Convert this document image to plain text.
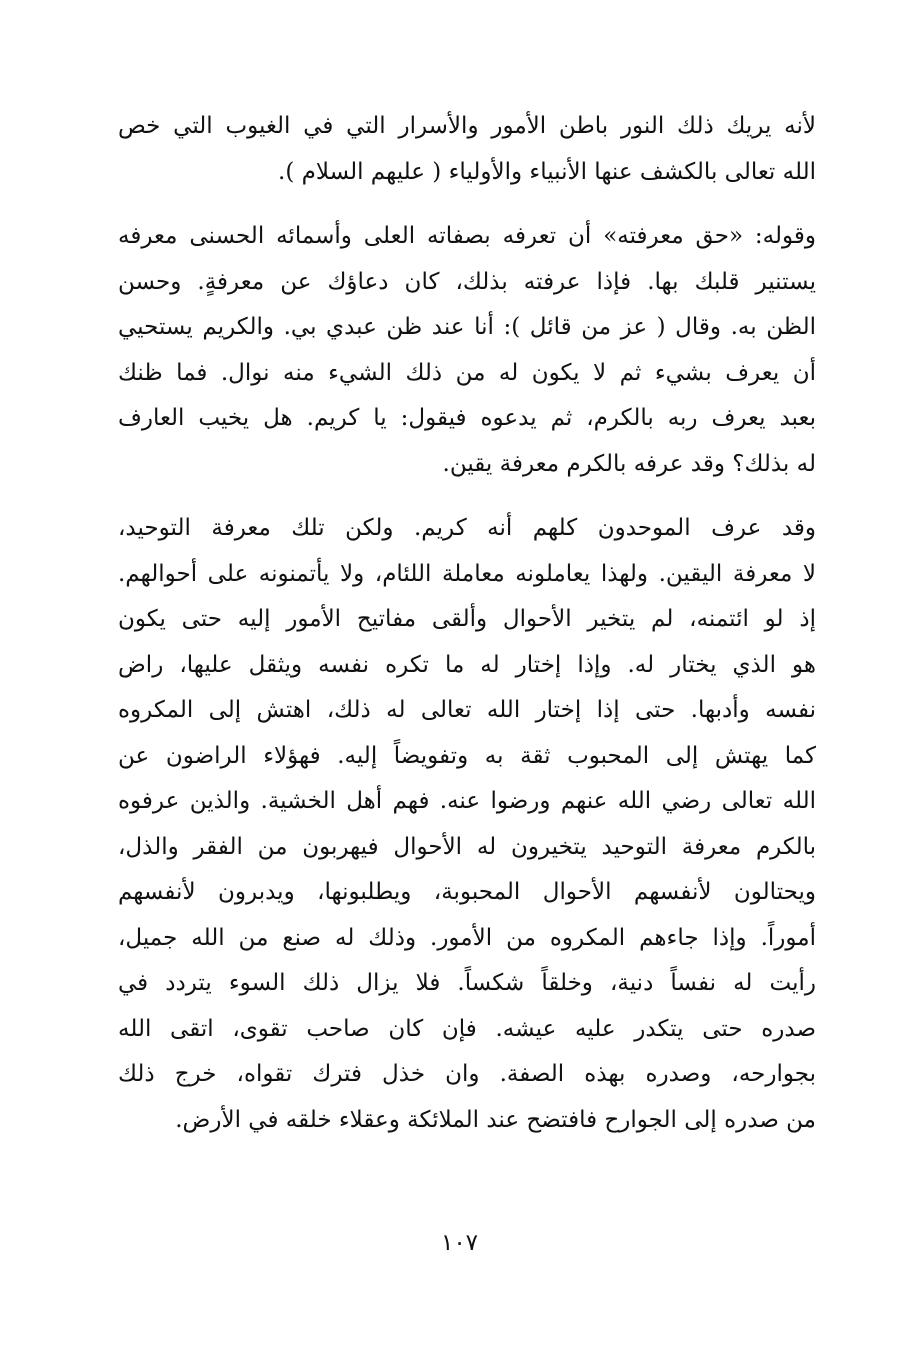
لأنه يريك ذلك النور باطن الأمور والأسرار التي في الغيوب التي خص
الله تعالى بالكشف عنها الأنبياء والأولياء ( عليهم السلام ).

وقوله: «حق معرفته» أن تعرفه بصفاته العلى وأسمائه الحسنى معرفه
يستنير قلبك بها. فإذا عرفته بذلك، كان دعاؤك عن معرفةٍ. وحسن
الظن به. وقال ( عز من قائل ): أنا عند ظن عبدي بي. والكريم يستحيي
أن يعرف بشيء ثم لا يكون له من ذلك الشيء منه نوال. فما ظنك
بعبد يعرف ربه بالكرم، ثم يدعوه فيقول: يا كريم. هل يخيب العارف
له بذلك؟ وقد عرفه بالكرم معرفة يقين.

وقد عرف الموحدون كلهم أنه كريم. ولكن تلك معرفة التوحيد،
لا معرفة اليقين. ولهذا يعاملونه معاملة اللئام، ولا يأتمنونه على أحوالهم.
إذ لو ائتمنه، لم يتخير الأحوال وألقى مفاتيح الأمور إليه حتى يكون
هو الذي يختار له. وإذا إختار له ما تكره نفسه ويثقل عليها، راض
نفسه وأدبها. حتى إذا إختار الله تعالى له ذلك، اهتش إلى المكروه
كما يهتش إلى المحبوب ثقة به وتفويضاً إليه. فهؤلاء الراضون عن
الله تعالى رضي الله عنهم ورضوا عنه. فهم أهل الخشية. والذين عرفوه
بالكرم معرفة التوحيد يتخيرون له الأحوال فيهربون من الفقر والذل،
ويحتالون لأنفسهم الأحوال المحبوبة، ويطلبونها، ويدبرون لأنفسهم
أموراً. وإذا جاءهم المكروه من الأمور. وذلك له صنع من الله جميل،
رأيت له نفساً دنية، وخلقاً شكساً. فلا يزال ذلك السوء يتردد في
صدره حتى يتكدر عليه عيشه. فإن كان صاحب تقوى، اتقى الله
بجوارحه، وصدره بهذه الصفة. وان خذل فترك تقواه، خرج ذلك
من صدره إلى الجوارح فافتضح عند الملائكة وعقلاء خلقه في الأرض.

١٠٧
